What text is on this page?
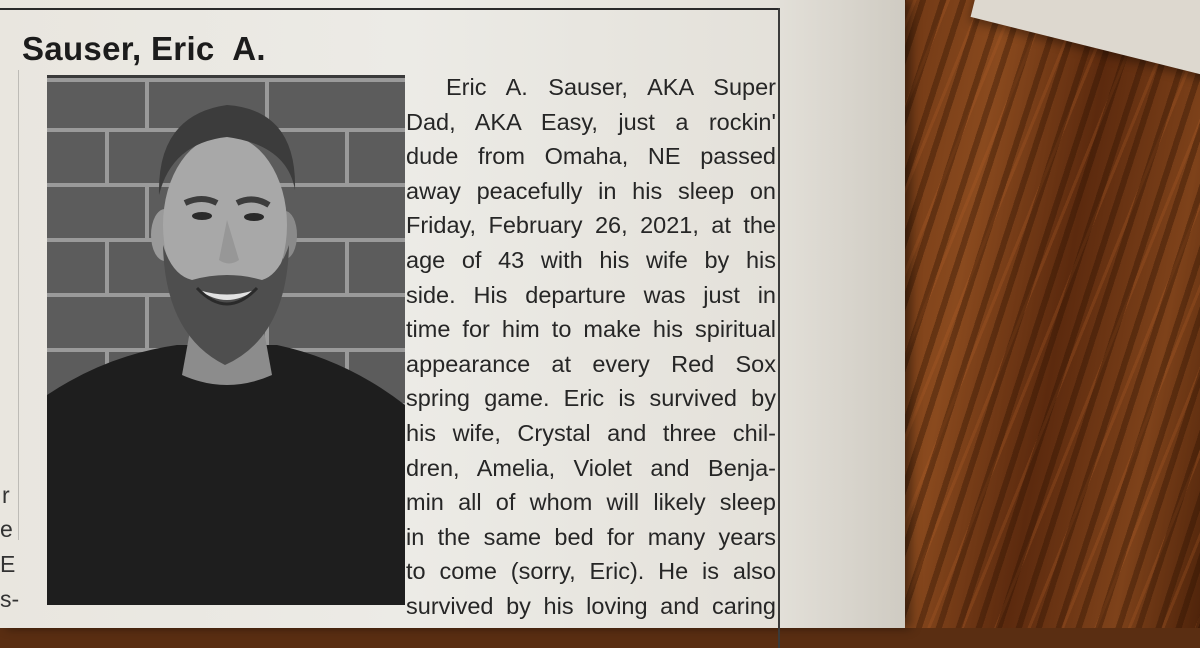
Sauser, Eric  A.

Eric A. Sauser, AKA Super
Dad, AKA Easy, just a rockin'
dude from Omaha, NE passed
away peacefully in his sleep on
Friday, February 26, 2021, at the
age of 43 with his wife by his
side. His departure was just in
time for him to make his spiritual
appearance at every Red Sox
spring game. Eric is survived by
his wife, Crystal and three chil-
dren, Amelia, Violet and Benja-
min all of whom will likely sleep
in the same bed for many years
to come (sorry, Eric). He is also
survived by his loving and caring

r
e
E
s-
